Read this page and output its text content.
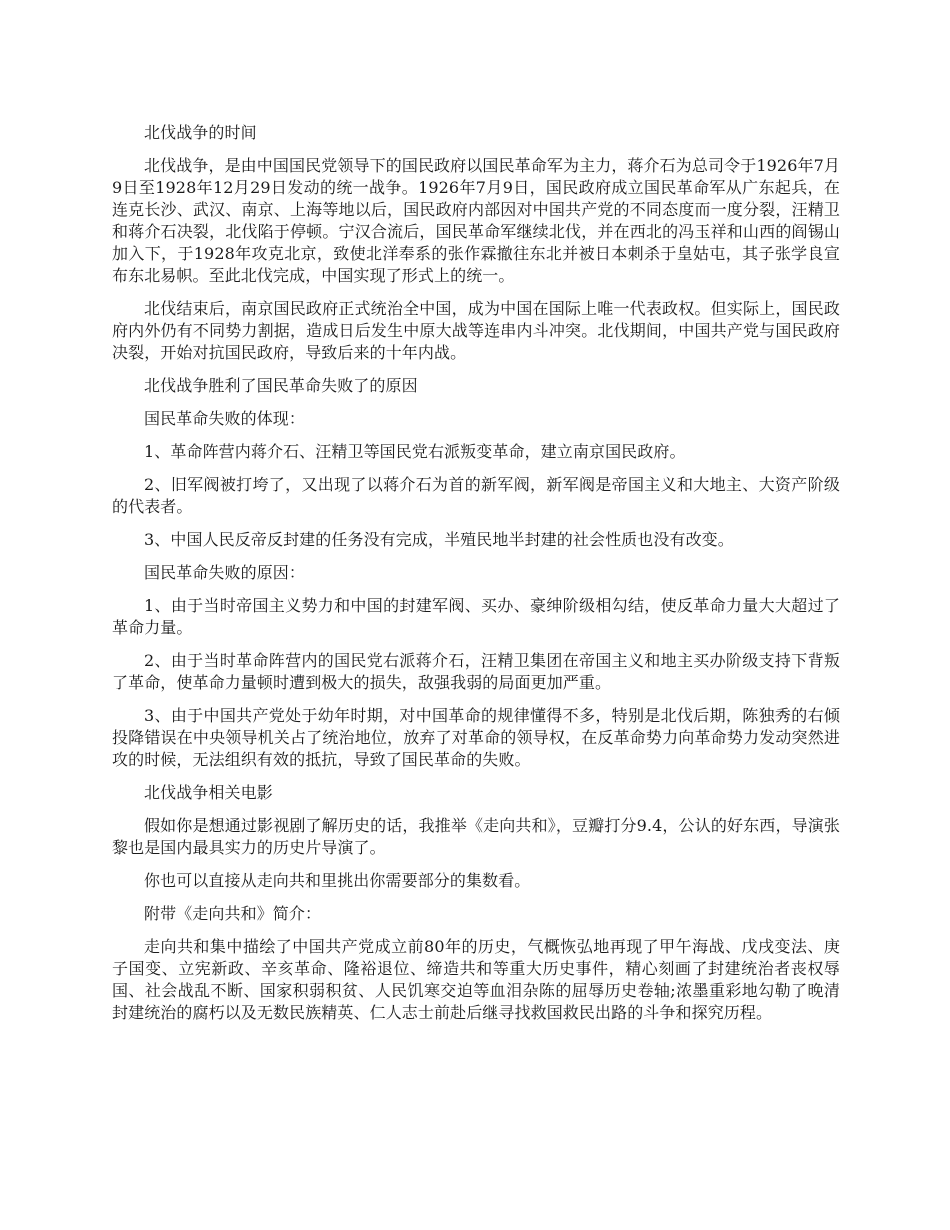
北伐战争的时间

北伐战争，是由中国国民党领导下的国民政府以国民革命军为主力，蒋介石为总司令于1926年7月9日至1928年12月29日发动的统一战争。1926年7月9日，国民政府成立国民革命军从广东起兵，在连克长沙、武汉、南京、上海等地以后，国民政府内部因对中国共产党的不同态度而一度分裂，汪精卫和蒋介石决裂，北伐陷于停顿。宁汉合流后，国民革命军继续北伐，并在西北的冯玉祥和山西的阎锡山加入下，于1928年攻克北京，致使北洋奉系的张作霖撤往东北并被日本刺杀于皇姑屯，其子张学良宣布东北易帜。至此北伐完成，中国实现了形式上的统一。

北伐结束后，南京国民政府正式统治全中国，成为中国在国际上唯一代表政权。但实际上，国民政府内外仍有不同势力割据，造成日后发生中原大战等连串内斗冲突。北伐期间，中国共产党与国民政府决裂，开始对抗国民政府，导致后来的十年内战。

北伐战争胜利了国民革命失败了的原因

国民革命失败的体现：

1、革命阵营内蒋介石、汪精卫等国民党右派叛变革命，建立南京国民政府。

2、旧军阀被打垮了，又出现了以蒋介石为首的新军阀，新军阀是帝国主义和大地主、大资产阶级的代表者。

3、中国人民反帝反封建的任务没有完成，半殖民地半封建的社会性质也没有改变。

国民革命失败的原因：

1、由于当时帝国主义势力和中国的封建军阀、买办、豪绅阶级相勾结，使反革命力量大大超过了革命力量。

2、由于当时革命阵营内的国民党右派蒋介石，汪精卫集团在帝国主义和地主买办阶级支持下背叛了革命，使革命力量顿时遭到极大的损失，敌强我弱的局面更加严重。

3、由于中国共产党处于幼年时期，对中国革命的规律懂得不多，特别是北伐后期，陈独秀的右倾投降错误在中央领导机关占了统治地位，放弃了对革命的领导权，在反革命势力向革命势力发动突然进攻的时候，无法组织有效的抵抗，导致了国民革命的失败。

北伐战争相关电影

假如你是想通过影视剧了解历史的话，我推举《走向共和》，豆瓣打分9.4，公认的好东西，导演张黎也是国内最具实力的历史片导演了。

你也可以直接从走向共和里挑出你需要部分的集数看。

附带《走向共和》简介：

走向共和集中描绘了中国共产党成立前80年的历史，气概恢弘地再现了甲午海战、戊戌变法、庚子国变、立宪新政、辛亥革命、隆裕退位、缔造共和等重大历史事件，精心刻画了封建统治者丧权辱国、社会战乱不断、国家积弱积贫、人民饥寒交迫等血泪杂陈的屈辱历史卷轴;浓墨重彩地勾勒了晚清封建统治的腐朽以及无数民族精英、仁人志士前赴后继寻找救国救民出路的斗争和探究历程。
